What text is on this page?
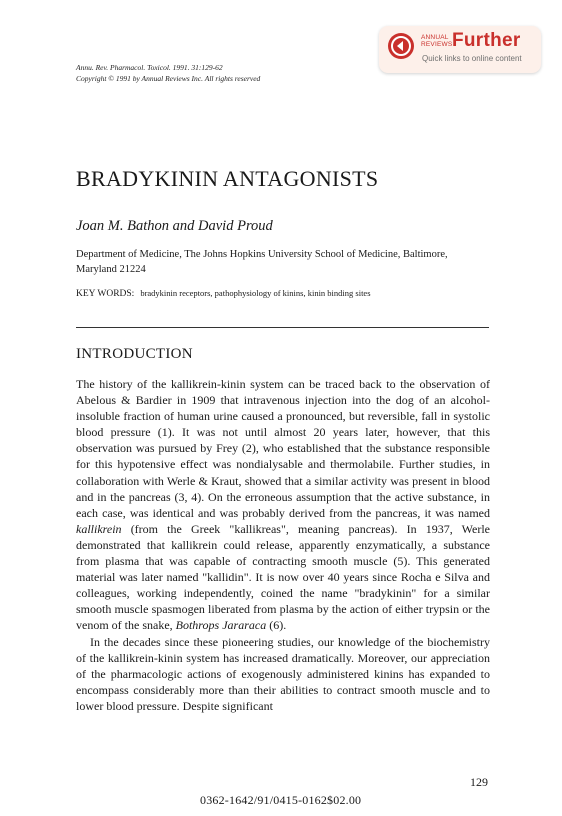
ANNUAL
REVIEWS Further
Quick links to online content
Annu. Rev. Pharmacol. Toxicol. 1991. 31:129-62
Copyright © 1991 by Annual Reviews Inc. All rights reserved
BRADYKININ ANTAGONISTS
Joan M. Bathon and David Proud
Department of Medicine, The Johns Hopkins University School of Medicine, Baltimore, Maryland 21224
KEY WORDS: bradykinin receptors, pathophysiology of kinins, kinin binding sites
INTRODUCTION

The history of the kallikrein-kinin system can be traced back to the observation of Abelous & Bardier in 1909 that intravenous injection into the dog of an alcohol-insoluble fraction of human urine caused a pronounced, but reversible, fall in systolic blood pressure (1). It was not until almost 20 years later, however, that this observation was pursued by Frey (2), who established that the substance responsible for this hypotensive effect was nondialysable and thermolabile. Further studies, in collaboration with Werle & Kraut, showed that a similar activity was present in blood and in the pancreas (3, 4). On the erroneous assumption that the active substance, in each case, was identical and was probably derived from the pancreas, it was named kallikrein (from the Greek "kallikreas", meaning pancreas). In 1937, Werle demonstrated that kallikrein could release, apparently enzymatically, a substance from plasma that was capable of contracting smooth muscle (5). This generated material was later named "kallidin". It is now over 40 years since Rocha e Silva and colleagues, working independently, coined the name "bradykinin" for a similar smooth muscle spasmogen liberated from plasma by the action of either trypsin or the venom of the snake, Bothrops Jararaca (6).

In the decades since these pioneering studies, our knowledge of the biochemistry of the kallikrein-kinin system has increased dramatically. Moreover, our appreciation of the pharmacologic actions of exogenously administered kinins has expanded to encompass considerably more than their abilities to contract smooth muscle and to lower blood pressure. Despite significant

129
0362-1642/91/0415-0162$02.00
